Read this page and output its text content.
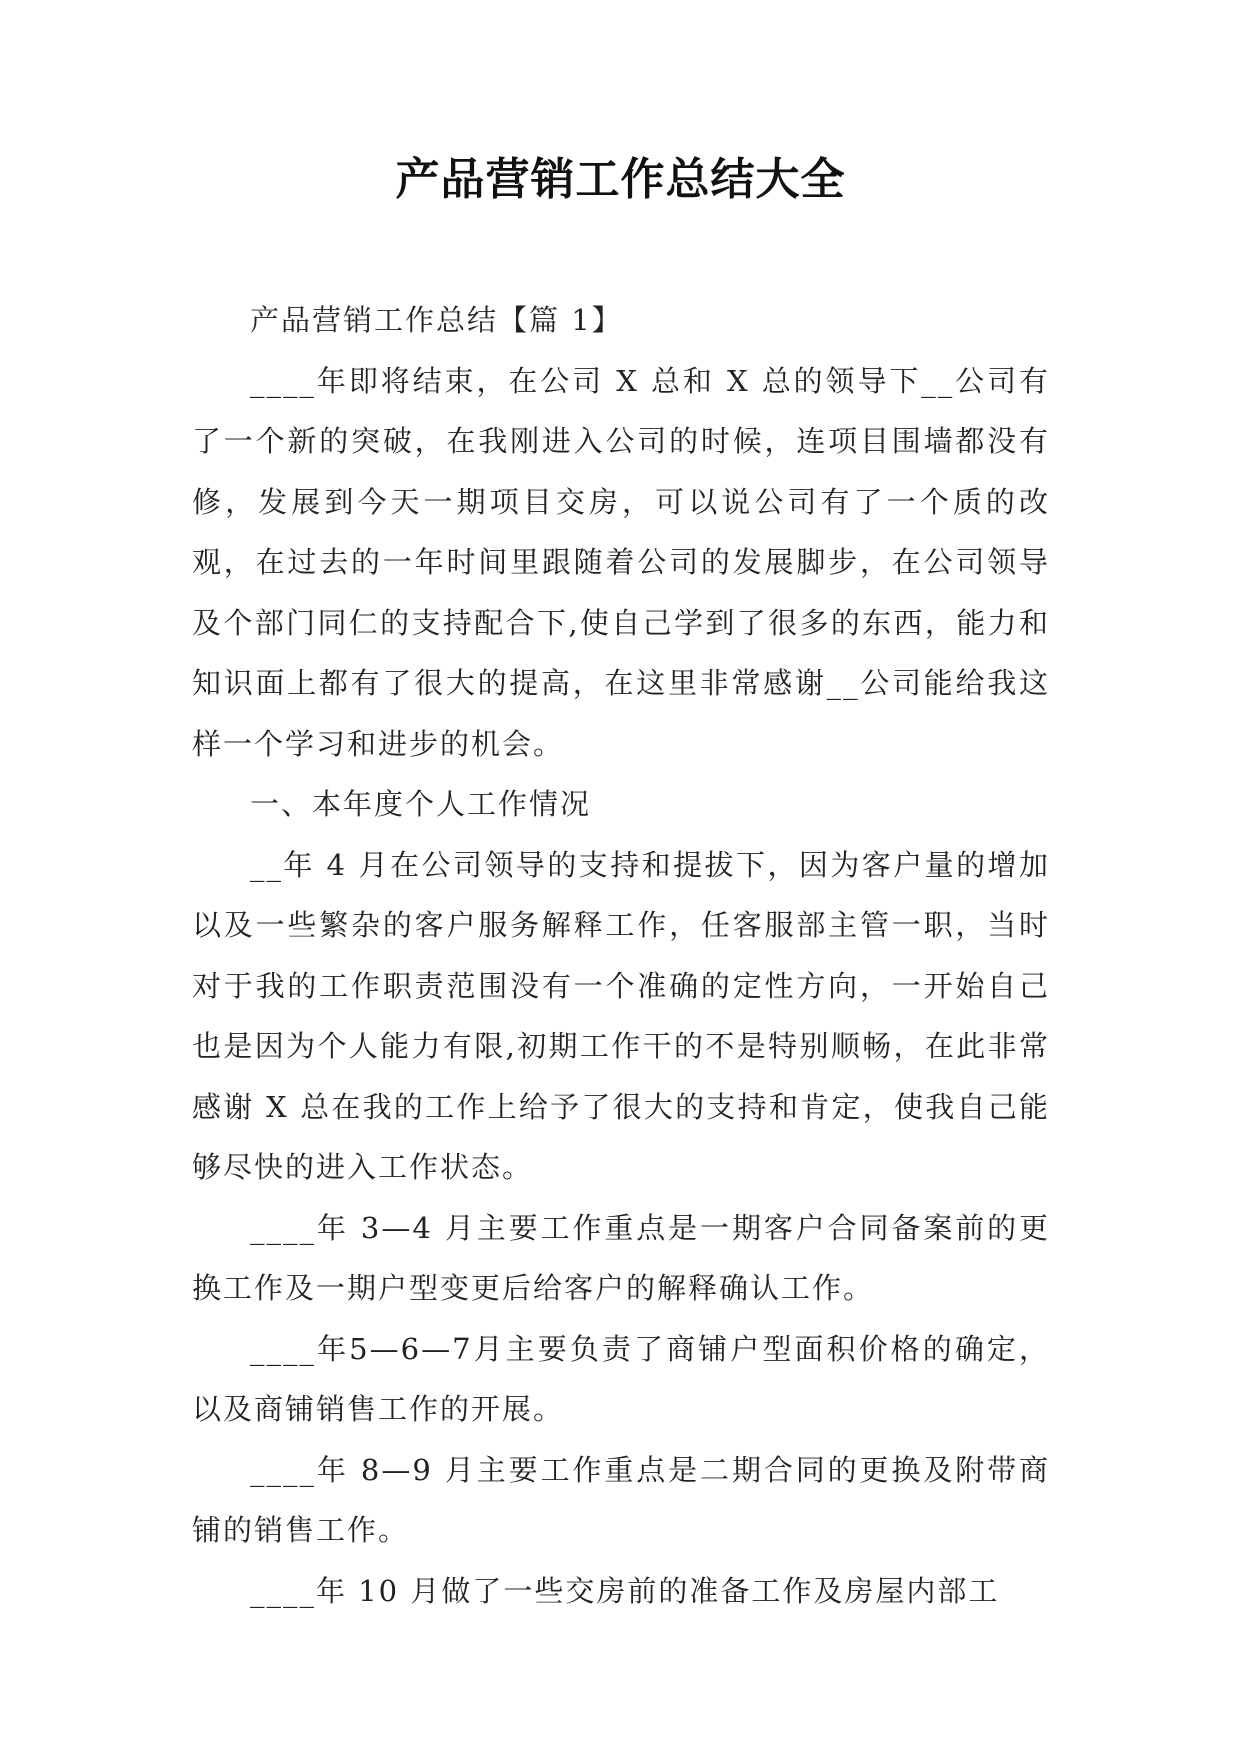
产品营销工作总结大全

产品营销工作总结【篇 1】

____年即将结束，在公司 X 总和 X 总的领导下__公司有了一个新的突破，在我刚进入公司的时候，连项目围墙都没有修，发展到今天一期项目交房，可以说公司有了一个质的改观，在过去的一年时间里跟随着公司的发展脚步，在公司领导及个部门同仁的支持配合下,使自己学到了很多的东西，能力和知识面上都有了很大的提高，在这里非常感谢__公司能给我这样一个学习和进步的机会。

一、本年度个人工作情况

__年 4 月在公司领导的支持和提拔下，因为客户量的增加以及一些繁杂的客户服务解释工作，任客服部主管一职，当时对于我的工作职责范围没有一个准确的定性方向，一开始自己也是因为个人能力有限,初期工作干的不是特别顺畅，在此非常感谢 X 总在我的工作上给予了很大的支持和肯定，使我自己能够尽快的进入工作状态。

____年 3—4 月主要工作重点是一期客户合同备案前的更换工作及一期户型变更后给客户的解释确认工作。

____年5—6—7月主要负责了商铺户型面积价格的确定，以及商铺销售工作的开展。

____年 8—9 月主要工作重点是二期合同的更换及附带商铺的销售工作。

____年 10 月做了一些交房前的准备工作及房屋内部工
